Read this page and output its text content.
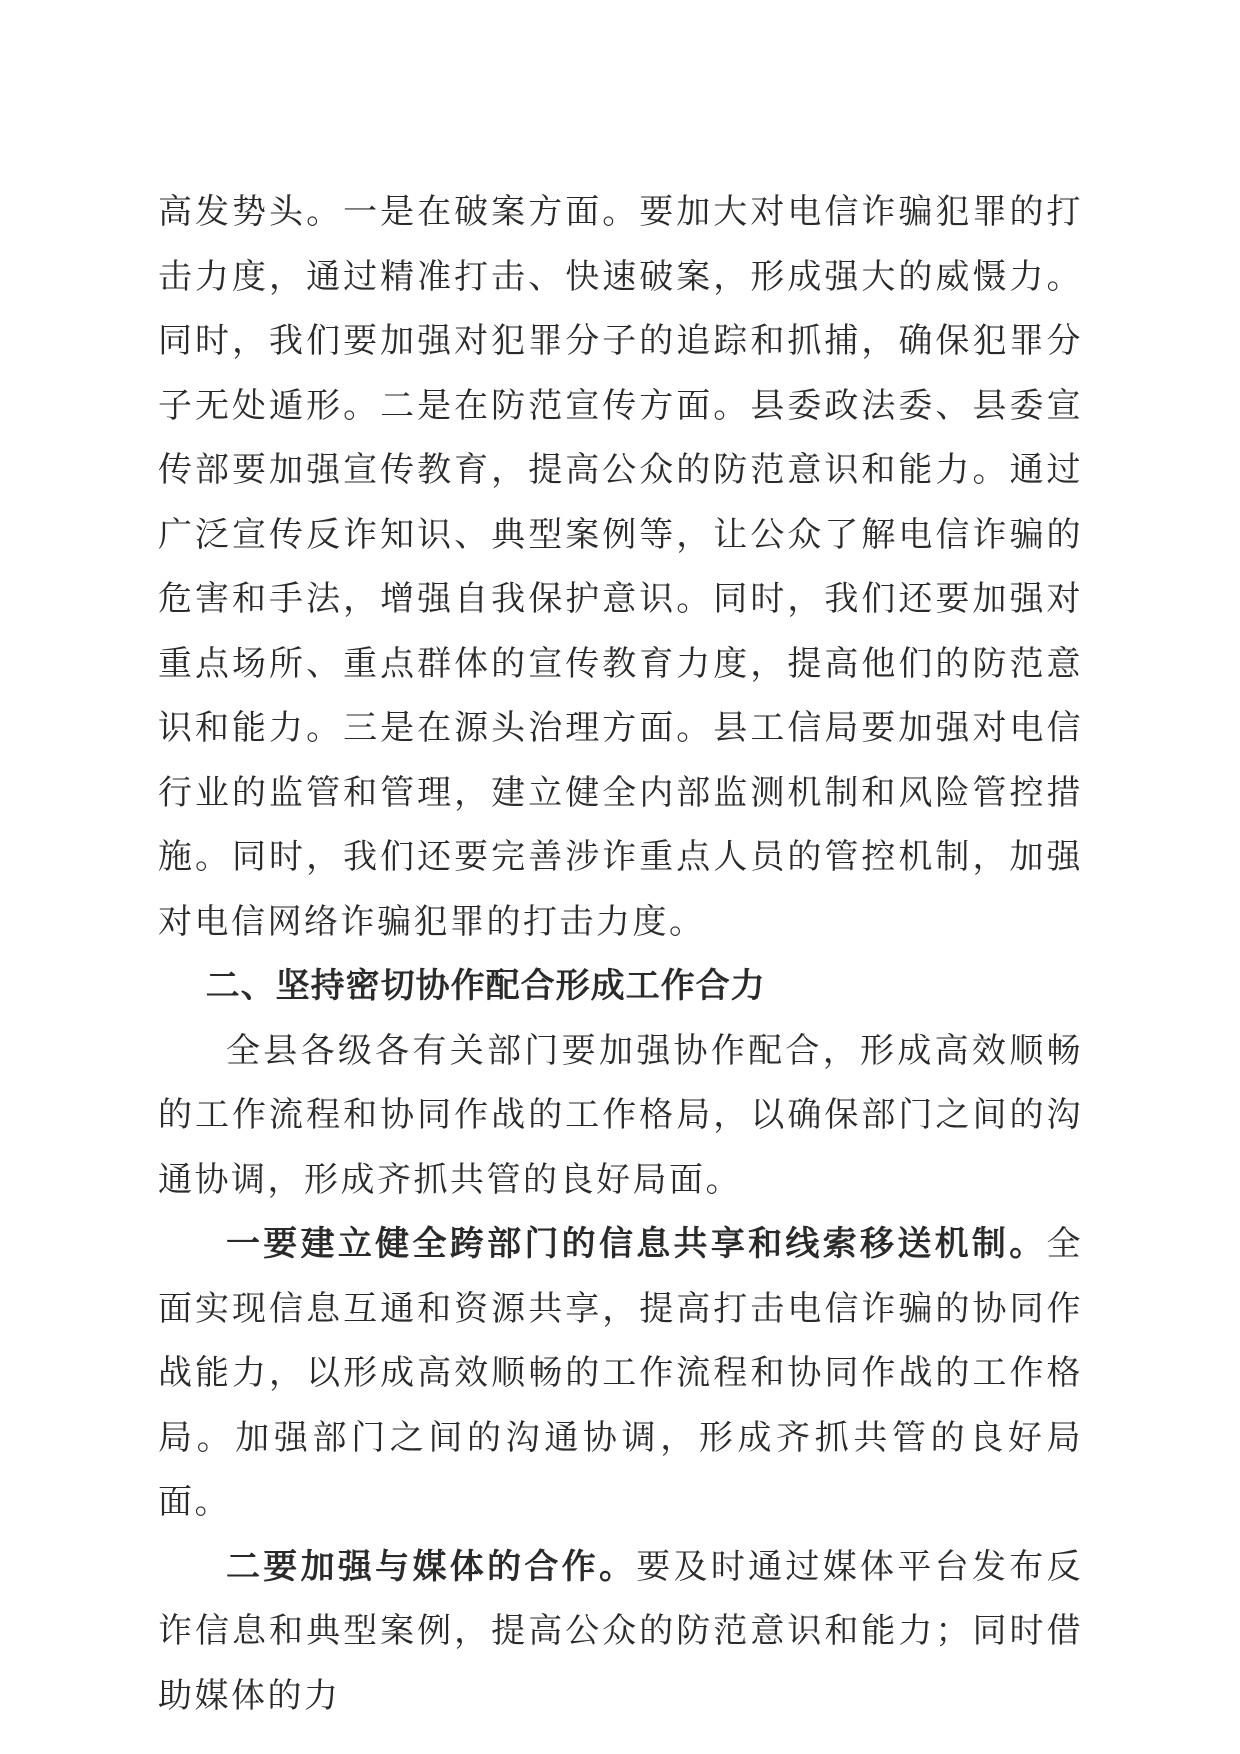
高发势头。一是在破案方面。要加大对电信诈骗犯罪的打击力度，通过精准打击、快速破案，形成强大的威慑力。同时，我们要加强对犯罪分子的追踪和抓捕，确保犯罪分子无处遁形。二是在防范宣传方面。县委政法委、县委宣传部要加强宣传教育，提高公众的防范意识和能力。通过广泛宣传反诈知识、典型案例等，让公众了解电信诈骗的危害和手法，增强自我保护意识。同时，我们还要加强对重点场所、重点群体的宣传教育力度，提高他们的防范意识和能力。三是在源头治理方面。县工信局要加强对电信行业的监管和管理，建立健全内部监测机制和风险管控措施。同时，我们还要完善涉诈重点人员的管控机制，加强对电信网络诈骗犯罪的打击力度。

二、坚持密切协作配合形成工作合力

全县各级各有关部门要加强协作配合，形成高效顺畅的工作流程和协同作战的工作格局，以确保部门之间的沟通协调，形成齐抓共管的良好局面。

一要建立健全跨部门的信息共享和线索移送机制。全面实现信息互通和资源共享，提高打击电信诈骗的协同作战能力，以形成高效顺畅的工作流程和协同作战的工作格局。加强部门之间的沟通协调，形成齐抓共管的良好局面。

二要加强与媒体的合作。要及时通过媒体平台发布反诈信息和典型案例，提高公众的防范意识和能力；同时借助媒体的力
